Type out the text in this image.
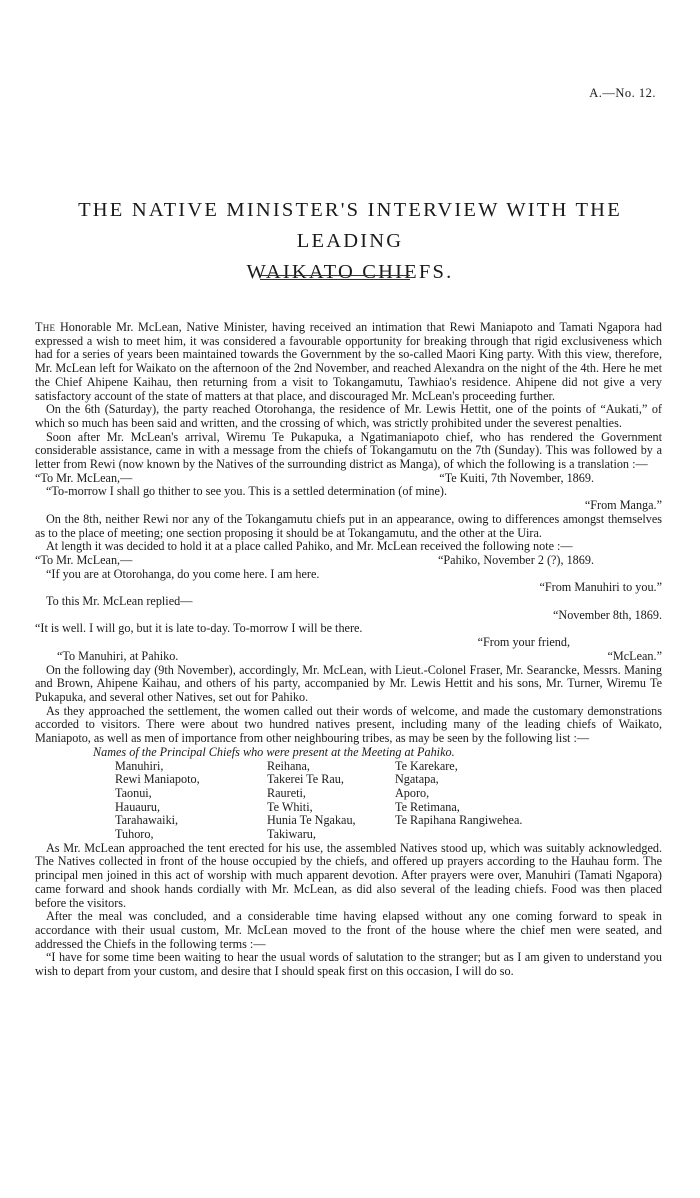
A.—No. 12.
THE NATIVE MINISTER'S INTERVIEW WITH THE LEADING
WAIKATO CHIEFS.

The Honorable Mr. McLean, Native Minister, having received an intimation that Rewi Maniapoto and Tamati Ngapora had expressed a wish to meet him, it was considered a favourable opportunity for breaking through that rigid exclusiveness which had for a series of years been maintained towards the Government by the so-called Maori King party. With this view, therefore, Mr. McLean left for Waikato on the afternoon of the 2nd November, and reached Alexandra on the night of the 4th. Here he met the Chief Ahipene Kaihau, then returning from a visit to Tokangamutu, Tawhiao's residence. Ahipene did not give a very satisfactory account of the state of matters at that place, and discouraged Mr. McLean's proceeding further.

On the 6th (Saturday), the party reached Otorohanga, the residence of Mr. Lewis Hettit, one of the points of “Aukati,” of which so much has been said and written, and the crossing of which, was strictly prohibited under the severest penalties.

Soon after Mr. McLean's arrival, Wiremu Te Pukapuka, a Ngatimaniapoto chief, who has rendered the Government considerable assistance, came in with a message from the chiefs of Tokangamutu on the 7th (Sunday). This was followed by a letter from Rewi (now known by the Natives of the surrounding district as Manga), of which the following is a translation :—

“To Mr. McLean,—	“Te Kuiti, 7th November, 1869.

“To-morrow I shall go thither to see you. This is a settled determination (of mine).

“From Manga.”

On the 8th, neither Rewi nor any of the Tokangamutu chiefs put in an appearance, owing to differences amongst themselves as to the place of meeting; one section proposing it should be at Tokangamutu, and the other at the Uira.

At length it was decided to hold it at a place called Pahiko, and Mr. McLean received the following note :—

“To Mr. McLean,—	“Pahiko, November 2 (?), 1869.

“If you are at Otorohanga, do you come here. I am here.

“From Manuhiri to you.”

To this Mr. McLean replied—

“November 8th, 1869.

“It is well. I will go, but it is late to-day. To-morrow I will be there.

“From your friend,
“To Manuhiri, at Pahiko.	“McLean.”

On the following day (9th November), accordingly, Mr. McLean, with Lieut.-Colonel Fraser, Mr. Searancke, Messrs. Maning and Brown, Ahipene Kaihau, and others of his party, accompanied by Mr. Lewis Hettit and his sons, Mr. Turner, Wiremu Te Pukapuka, and several other Natives, set out for Pahiko.

As they approached the settlement, the women called out their words of welcome, and made the customary demonstrations accorded to visitors. There were about two hundred natives present, including many of the leading chiefs of Waikato, Maniapoto, as well as men of importance from other neighbouring tribes, as may be seen by the following list :—

Names of the Principal Chiefs who were present at the Meeting at Pahiko.
Manuhiri,	Reihana,	Te Karekare,
Rewi Maniapoto,	Takerei Te Rau,	Ngatapa,
Taonui,	Raureti,	Aporo,
Hauauru,	Te Whiti,	Te Retimana,
Tarahawaiki,	Hunia Te Ngakau,	Te Rapihana Rangiwehea.
Tuhoro,	Takiwaru,

As Mr. McLean approached the tent erected for his use, the assembled Natives stood up, which was suitably acknowledged. The Natives collected in front of the house occupied by the chiefs, and offered up prayers according to the Hauhau form. The principal men joined in this act of worship with much apparent devotion. After prayers were over, Manuhiri (Tamati Ngapora) came forward and shook hands cordially with Mr. McLean, as did also several of the leading chiefs. Food was then placed before the visitors.

After the meal was concluded, and a considerable time having elapsed without any one coming forward to speak in accordance with their usual custom, Mr. McLean moved to the front of the house where the chief men were seated, and addressed the Chiefs in the following terms :—

“I have for some time been waiting to hear the usual words of salutation to the stranger; but as I am given to understand you wish to depart from your custom, and desire that I should speak first on this occasion, I will do so.
